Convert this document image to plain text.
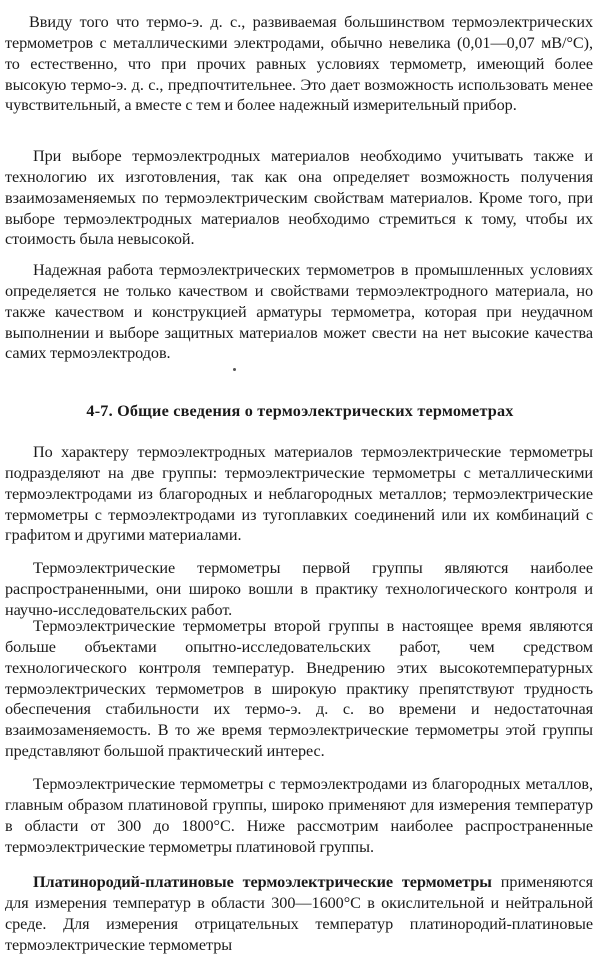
Ввиду того что термо-э. д. с., развиваемая большинством термоэлектрических термометров с металлическими электродами, обычно невелика (0,01—0,07 мВ/°C), то естественно, что при прочих равных условиях термометр, имеющий более высокую термо-э. д. с., предпочтительнее. Это дает возможность использовать менее чувствительный, а вместе с тем и более надежный измерительный прибор.

При выборе термоэлектродных материалов необходимо учитывать также и технологию их изготовления, так как она определяет возможность получения взаимозаменяемых по термоэлектрическим свойствам материалов. Кроме того, при выборе термоэлектродных материалов необходимо стремиться к тому, чтобы их стоимость была невысокой.

Надежная работа термоэлектрических термометров в промышленных условиях определяется не только качеством и свойствами термоэлектродного материала, но также качеством и конструкцией арматуры термометра, которая при неудачном выполнении и выборе защитных материалов может свести на нет высокие качества самих термоэлектродов.

4-7. Общие сведения о термоэлектрических термометрах

По характеру термоэлектродных материалов термоэлектрические термометры подразделяют на две группы: термоэлектрические термометры с металлическими термоэлектродами из благородных и неблагородных металлов; термоэлектрические термометры с термоэлектродами из тугоплавких соединений или их комбинаций с графитом и другими материалами.

Термоэлектрические термометры первой группы являются наиболее распространенными, они широко вошли в практику технологического контроля и научно-исследовательских работ.

Термоэлектрические термометры второй группы в настоящее время являются больше объектами опытно-исследовательских работ, чем средством технологического контроля температур. Внедрению этих высокотемпературных термоэлектрических термометров в широкую практику препятствуют трудность обеспечения стабильности их термо-э. д. с. во времени и недостаточная взаимозаменяемость. В то же время термоэлектрические термометры этой группы представляют большой практический интерес.

Термоэлектрические термометры с термоэлектродами из благородных металлов, главным образом платиновой группы, широко применяют для измерения температур в области от 300 до 1800°C. Ниже рассмотрим наиболее распространенные термоэлектрические термометры платиновой группы.

Платинородий-платиновые термоэлектрические термометры применяются для измерения температур в области 300—1600°C в окислительной и нейтральной среде. Для измерения отрицательных температур платинородий-платиновые термоэлектрические термометры
